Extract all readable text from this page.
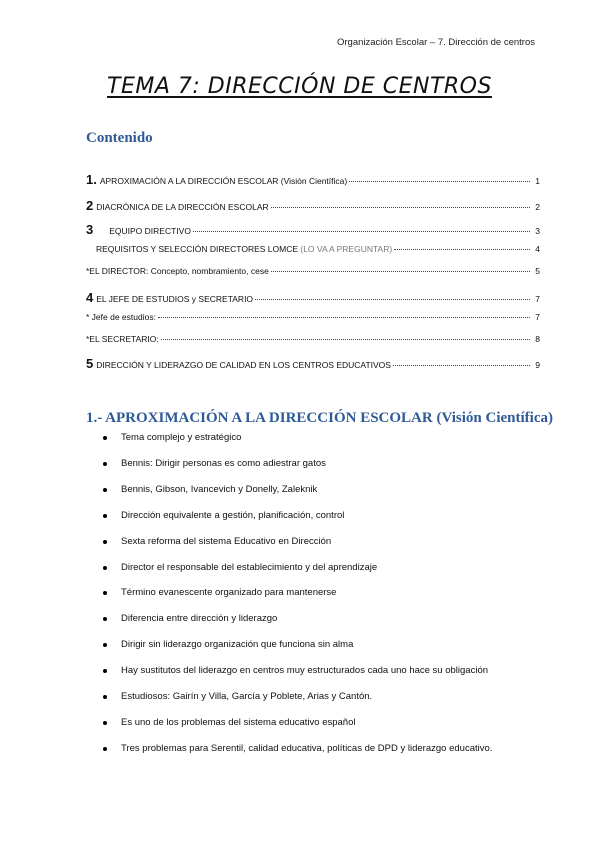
Organización Escolar – 7. Dirección de centros
TEMA 7: DIRECCIÓN DE CENTROS
Contenido
1. APROXIMACIÓN A LA DIRECCIÓN ESCOLAR (Visión Científica)	1
2 DIACRÓNICA DE LA DIRECCIÓN ESCOLAR	2
3 EQUIPO DIRECTIVO	3
REQUISITOS Y SELECCIÓN DIRECTORES LOMCE (LO VA A PREGUNTAR)	4
*EL DIRECTOR: Concepto, nombramiento, cese	5
4 EL JEFE DE ESTUDIOS y SECRETARIO	7
* Jefe de estudios:	7
*EL SECRETARIO:	8
5 DIRECCIÓN Y LIDERAZGO DE CALIDAD EN LOS CENTROS EDUCATIVOS	9
1.- APROXIMACIÓN A LA DIRECCIÓN ESCOLAR (Visión Científica)
Tema complejo y estratégico
Bennis: Dirigir personas es como adiestrar gatos
Bennis, Gibson, Ivancevich y Donelly, Zaleknik
Dirección equivalente a gestión, planificación, control
Sexta reforma del sistema Educativo en Dirección
Director el responsable del establecimiento y del aprendizaje
Término evanescente organizado para mantenerse
Diferencia entre dirección y liderazgo
Dirigir sin liderazgo organización que funciona sin alma
Hay sustitutos del liderazgo en centros muy estructurados cada uno hace su obligación
Estudiosos: Gairín y Villa, García y Poblete, Arias y Cantón.
Es uno de los problemas del sistema educativo español
Tres problemas para Serentil, calidad educativa, políticas de DPD y liderazgo educativo.
